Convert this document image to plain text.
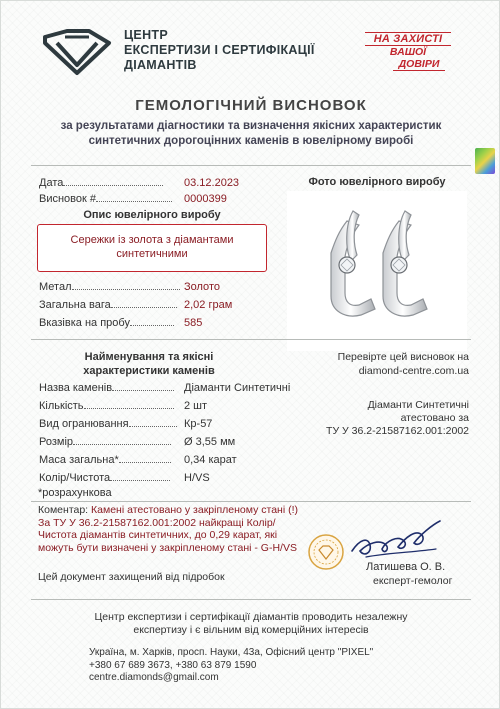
ЦЕНТР
ЕКСПЕРТИЗИ І СЕРТИФІКАЦІЇ
ДІАМАНТІВ
НА ЗАХИСТІ
ВАШОЇ
ДОВІРИ
ГЕМОЛОГІЧНИЙ ВИСНОВОК
за результатами діагностики та визначення якісних характеристик
синтетичних дорогоцінних каменів в ювелірному виробі
Дата	03.12.2023
Висновок #	0000399
Опис ювелірного виробу
Сережки із золота з діамантами
синтетичними
Фото ювелірного виробу
Метал	Золото
Загальна вага	2,02 грам
Вказівка на пробу	585
Найменування та якісні
характеристики каменів
Назва каменів	Діаманти Синтетичні
Кількість	2 шт
Вид огранювання	Кр-57
Розмір	Ø 3,55 мм
Маса загальна*	0,34 карат
Колір/Чистота	H/VS
*розрахункова
Перевірте цей висновок на
diamond-centre.com.ua
Діаманти Синтетичні
атестовано за
ТУ У 36.2-21587162.001:2002
Коментар: Камені атестовано у закріпленому стані (!)
За ТУ У 36.2-21587162.001:2002 найкращі Колір/Чистота діамантів синтетичних, до 0,29 карат, які можуть бути визначені у закріпленому стані - G-H/VS
Цей документ захищений від підробок
Латишева О. В.
експерт-гемолог
Центр експертизи і сертифікації діамантів проводить незалежну
експертизу і є вільним від комерційних інтересів
Україна, м. Харків, просп. Науки, 43а, Офісний центр "PIXEL"
+380 67 689 3673, +380 63 879 1590
centre.diamonds@gmail.com
